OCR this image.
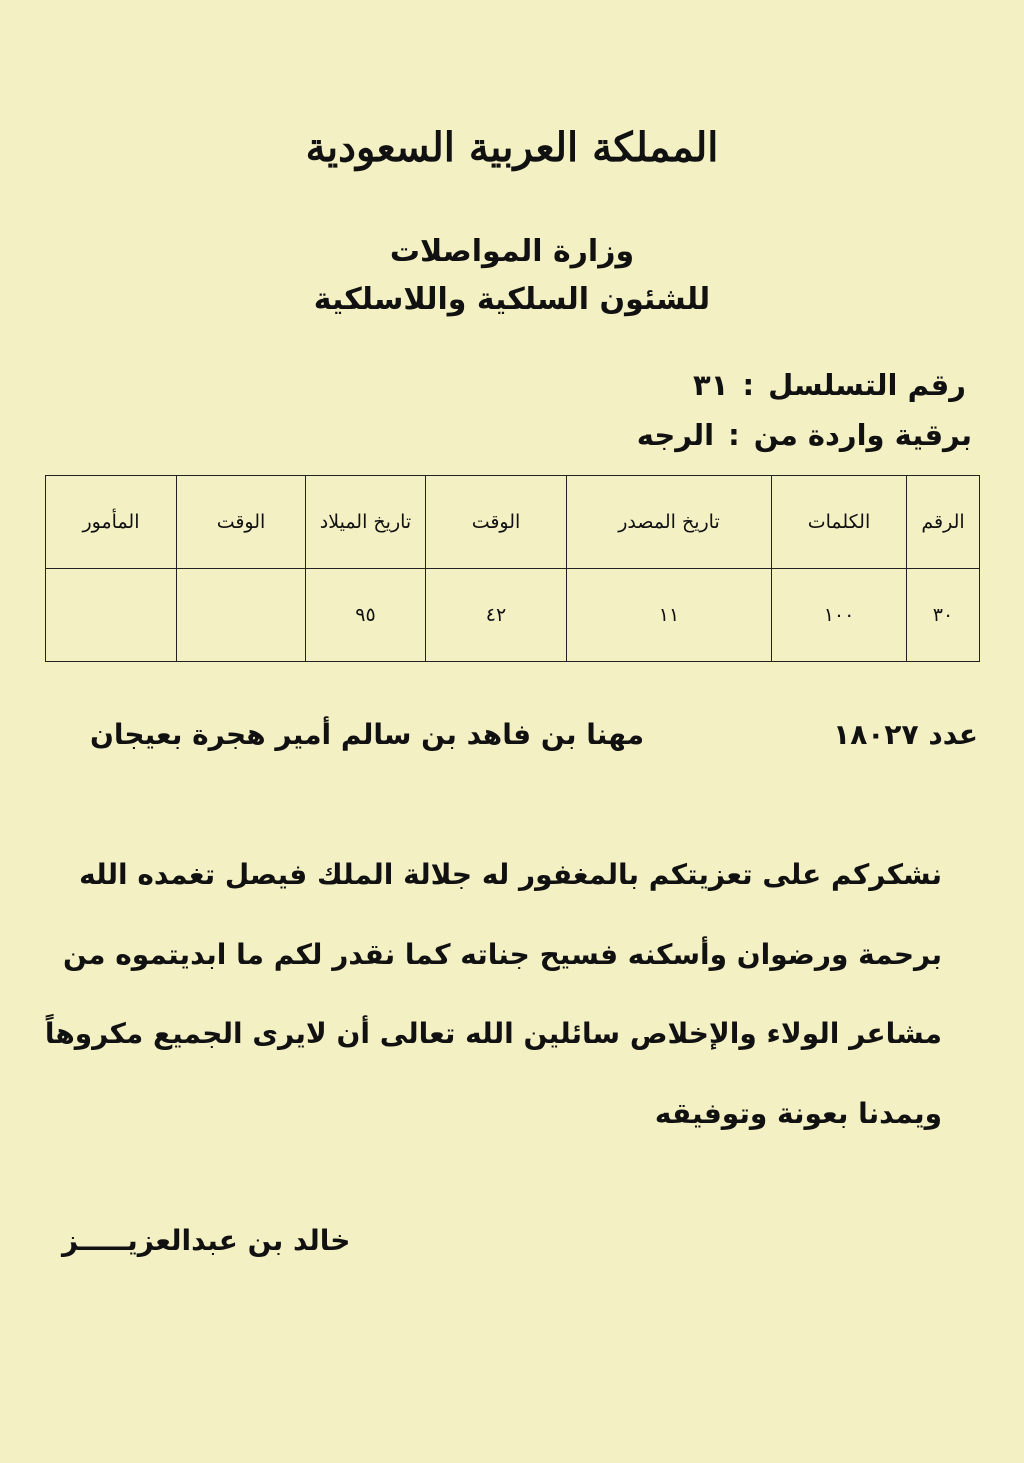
المملكة العربية السعودية
وزارة المواصلات
للشئون السلكية واللاسلكية
رقم التسلسل:٣١
برقية واردة من:الرجه
الرقم	الكلمات	تاريخ المصدر	الوقت	تاريخ الميلاد	الوقت	المأمور
٣٠	١٠٠	١١	٤٢	٩٥		
عدد ١٨٠٢٧
مهنا بن فاهد بن سالم أمير هجرة بعيجان
نشكركم على تعزيتكم بالمغفور له جلالة الملك فيصل تغمده الله
برحمة ورضوان وأسكنه فسيح جناته كما نقدر لكم ما ابديتموه من
مشاعر الولاء والإخلاص سائلين الله تعالى أن لايرى الجميع مكروهاً
ويمدنا بعونة وتوفيقه
خالد بن عبدالعزيـــــز
